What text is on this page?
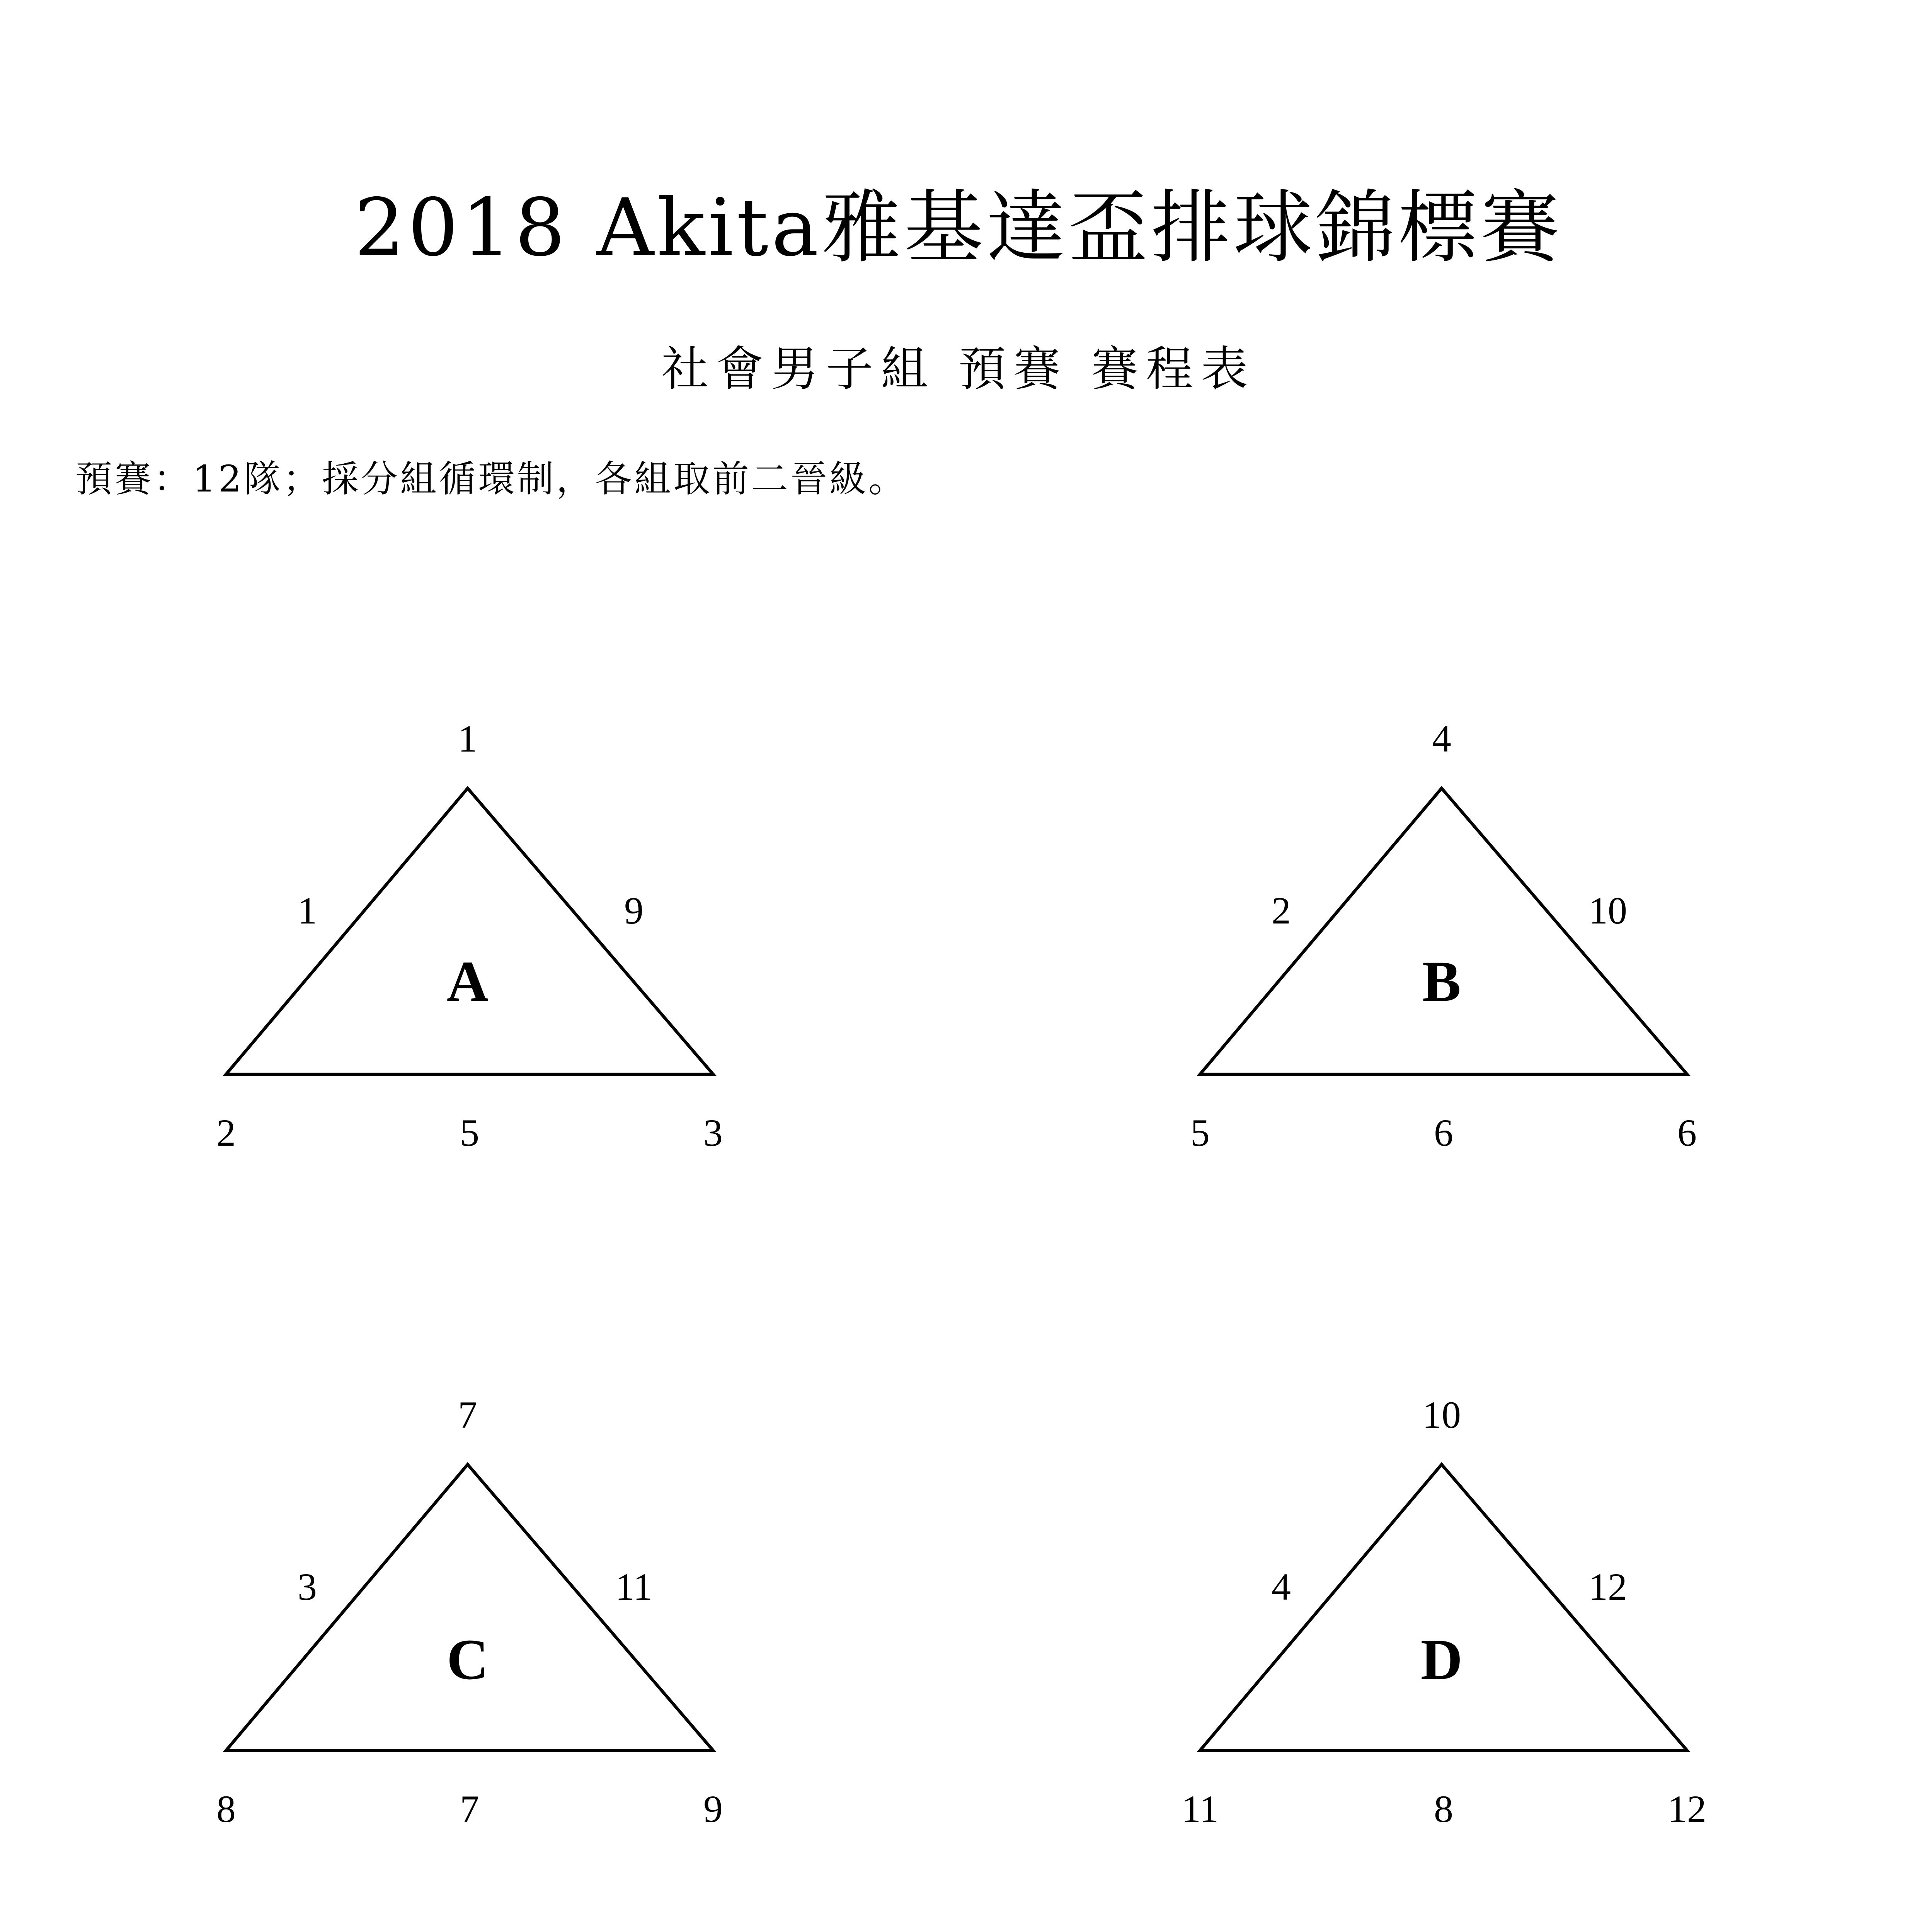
2018 Akita雅基達盃排球錦標賽
社會男子組 預賽 賽程表
預賽：12隊；採分組循環制，各組取前二晉級。
A
1
2	3
1	9
5
B
4
5	6
2	10
6
C
7
8	9
3	11
7
D
10
11	12
4	12
8
